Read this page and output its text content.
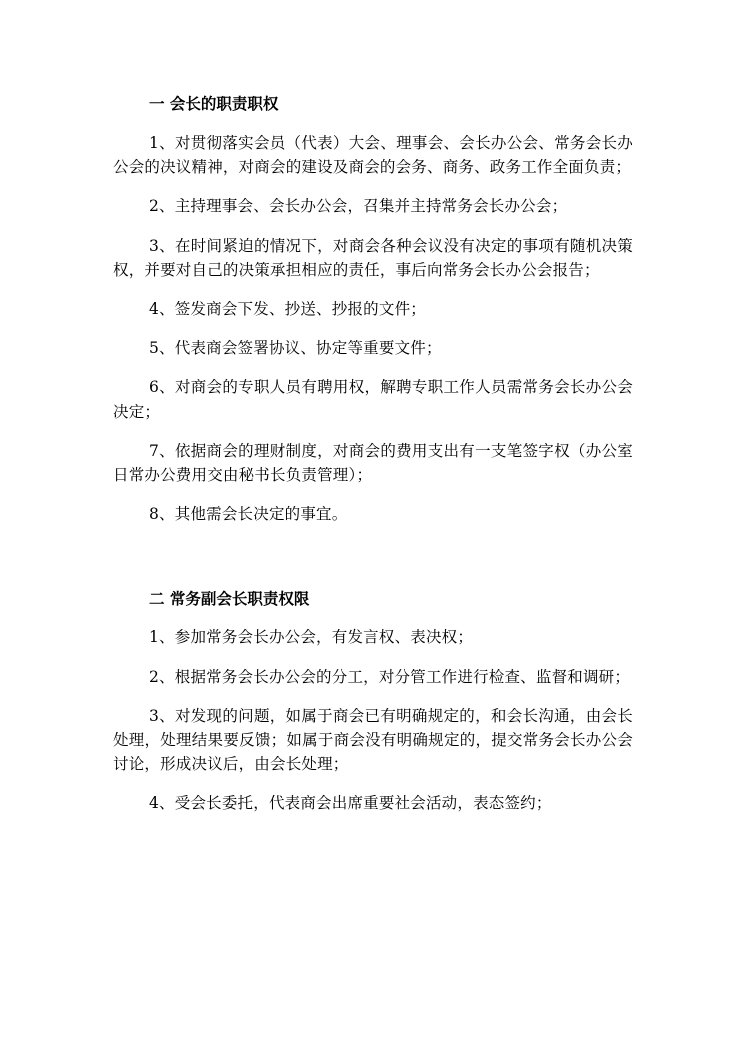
一 会长的职责职权

1、对贯彻落实会员（代表）大会、理事会、会长办公会、常务会长办公会的决议精神，对商会的建设及商会的会务、商务、政务工作全面负责；

2、主持理事会、会长办公会，召集并主持常务会长办公会；

3、在时间紧迫的情况下，对商会各种会议没有决定的事项有随机决策权，并要对自己的决策承担相应的责任，事后向常务会长办公会报告；

4、签发商会下发、抄送、抄报的文件；

5、代表商会签署协议、协定等重要文件；

6、对商会的专职人员有聘用权，解聘专职工作人员需常务会长办公会决定；

7、依据商会的理财制度，对商会的费用支出有一支笔签字权（办公室日常办公费用交由秘书长负责管理）；

8、其他需会长决定的事宜。

二 常务副会长职责权限

1、参加常务会长办公会，有发言权、表决权；

2、根据常务会长办公会的分工，对分管工作进行检查、监督和调研；

3、对发现的问题，如属于商会已有明确规定的，和会长沟通，由会长处理，处理结果要反馈；如属于商会没有明确规定的，提交常务会长办公会讨论，形成决议后，由会长处理；

4、受会长委托，代表商会出席重要社会活动，表态签约；
